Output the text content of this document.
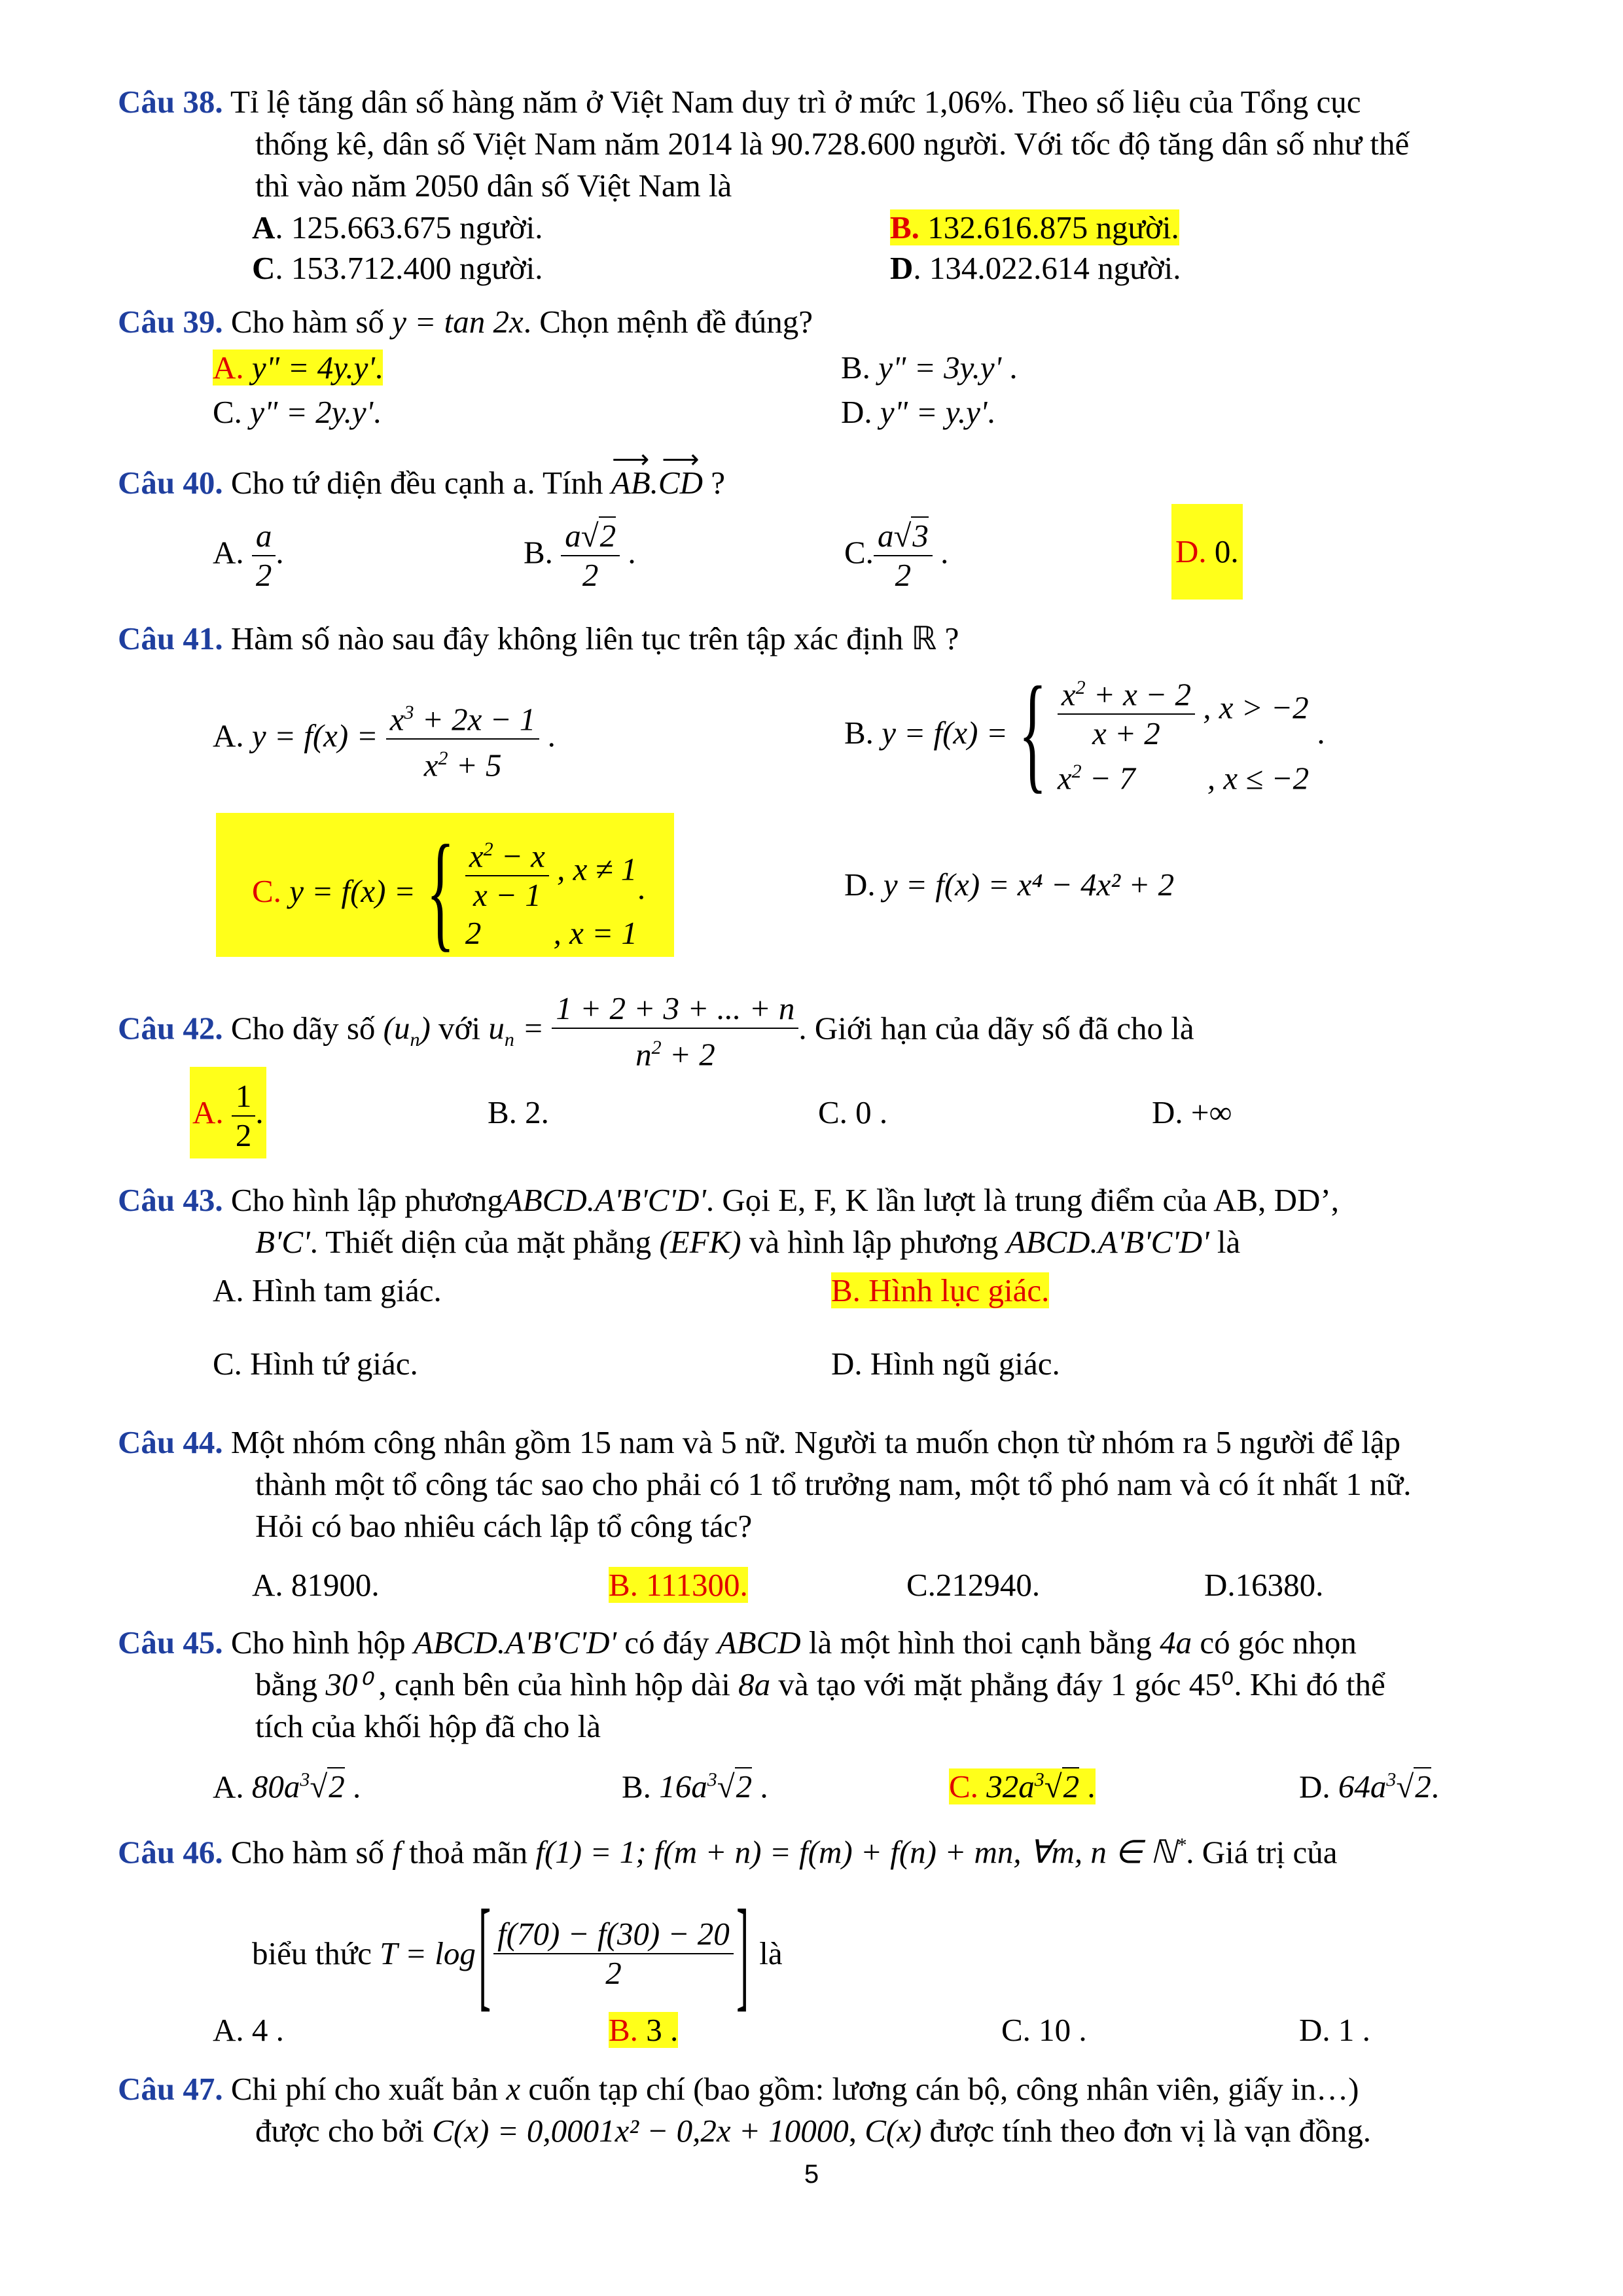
Câu 38. Tỉ lệ tăng dân số hàng năm ở Việt Nam duy trì ở mức 1,06%. Theo số liệu của Tổng cục
thống kê, dân số Việt Nam năm 2014 là 90.728.600 người. Với tốc độ tăng dân số như thế
thì vào năm 2050 dân số Việt Nam là
A. 125.663.675 người.	B. 132.616.875 người.
C. 153.712.400 người.	D. 134.022.614 người.
Câu 39. Cho hàm số y = tan 2x. Chọn mệnh đề đúng?
A. y" = 4y.y'.	B. y" = 3y.y' .
C. y" = 2y.y'.	D. y" = y.y'.
Câu 40. Cho tứ diện đều cạnh a. Tính ⟶ AB.⟶ CD ?
A. $\frac{a}{2}$ .	B. $\frac{a√2}{2}$ .	C. $\frac{a√3}{2}$ .	D. 0.
Câu 41. Hàm số nào sau đây không liên tục trên tập xác định ℝ ?
A. $y = f(x) = \frac{x^3 + 2x - 1}{x^2 + 5}$ .	B. y = f(x) ={ $\frac{x^2 + x - 2}{x + 2}$ , x > −2
$x^2 - 7$         , x ≤ −2 .
C. y = f(x) ={ $\frac{x^2 - x}{x - 1}$ , x ≠ 1
2         , x = 1.	D. y = f(x) = x⁴ − 4x² + 2
Câu 42. Cho dãy số $(u_n)$ với $u_n = \frac{1 + 2 + 3 + ... + n}{n^2 + 2}$ . Giới hạn của dãy số đã cho là
A. $\frac{1}{2}$ .	B. 2.	C. 0 .	D. +∞
Câu 43. Cho hình lập phươngABCD.A'B'C'D'. Gọi E, F, K lần lượt là trung điểm của AB, DD’,
B'C'. Thiết diện của mặt phẳng (EFK) và hình lập phương ABCD.A'B'C'D' là
A. Hình tam giác.	B. Hình lục giác.
C. Hình tứ giác.	D. Hình ngũ giác.
Câu 44. Một nhóm công nhân gồm 15 nam và 5 nữ. Người ta muốn chọn từ nhóm ra 5 người để lập
thành một tổ công tác sao cho phải có 1 tổ trưởng nam, một tổ phó nam và có ít nhất 1 nữ.
Hỏi có bao nhiêu cách lập tổ công tác?
A. 81900.	B. 111300.	C.212940.	D.16380.
Câu 45. Cho hình hộp ABCD.A'B'C'D' có đáy ABCD là một hình thoi cạnh bằng 4a có góc nhọn
bằng 30⁰ , cạnh bên của hình hộp dài 8a và tạo với mặt phẳng đáy 1 góc 45⁰. Khi đó thể
tích của khối hộp đã cho là
A. $80a^3√2$ .	B. $16a^3√2$ .	C. $32a^3√2$ .	D. $64a^3√2$.
Câu 46. Cho hàm số f thoả mãn f(1) = 1; f(m + n) = f(m) + f(n) + mn, ∀m, n ∈ ℕ*. Giá trị của
biểu thức $T = \log[ \frac{f(70) - f(30) - 20}{2}$ ] là
A. 4 .	B. 3 .	C. 10 .	D. 1 .
Câu 47. Chi phí cho xuất bản x cuốn tạp chí (bao gồm: lương cán bộ, công nhân viên, giấy in…)
được cho bởi C(x) = 0,0001x² − 0,2x + 10000, C(x) được tính theo đơn vị là vạn đồng.
5
